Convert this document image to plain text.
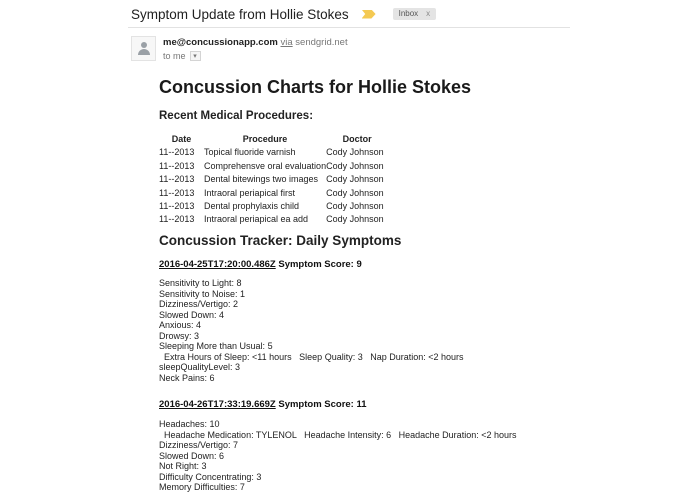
Symptom Update from Hollie Stokes	Inbox x
me@concussionapp.com via sendgrid.net
to me ▾
Concussion Charts for Hollie Stokes
Recent Medical Procedures:
Date	Procedure	Doctor
11--2013	Topical fluoride varnish	Cody Johnson
11--2013	Comprehensve oral evaluation	Cody Johnson
11--2013	Dental bitewings two images	Cody Johnson
11--2013	Intraoral periapical first	Cody Johnson
11--2013	Dental prophylaxis child	Cody Johnson
11--2013	Intraoral periapical ea add	Cody Johnson
Concussion Tracker: Daily Symptoms
2016-04-25T17:20:00.486Z Symptom Score: 9
Sensitivity to Light: 8
Sensitivity to Noise: 1
Dizziness/Vertigo: 2
Slowed Down: 4
Anxious: 4
Drowsy: 3
Sleeping More than Usual: 5
Extra Hours of Sleep: <11 hours   Sleep Quality: 3   Nap Duration: <2 hours
sleepQualityLevel: 3
Neck Pains: 6
2016-04-26T17:33:19.669Z Symptom Score: 11
Headaches: 10
Headache Medication: TYLENOL   Headache Intensity: 6   Headache Duration: <2 hours
Dizziness/Vertigo: 7
Slowed Down: 6
Not Right: 3
Difficulty Concentrating: 3
Memory Difficulties: 7
